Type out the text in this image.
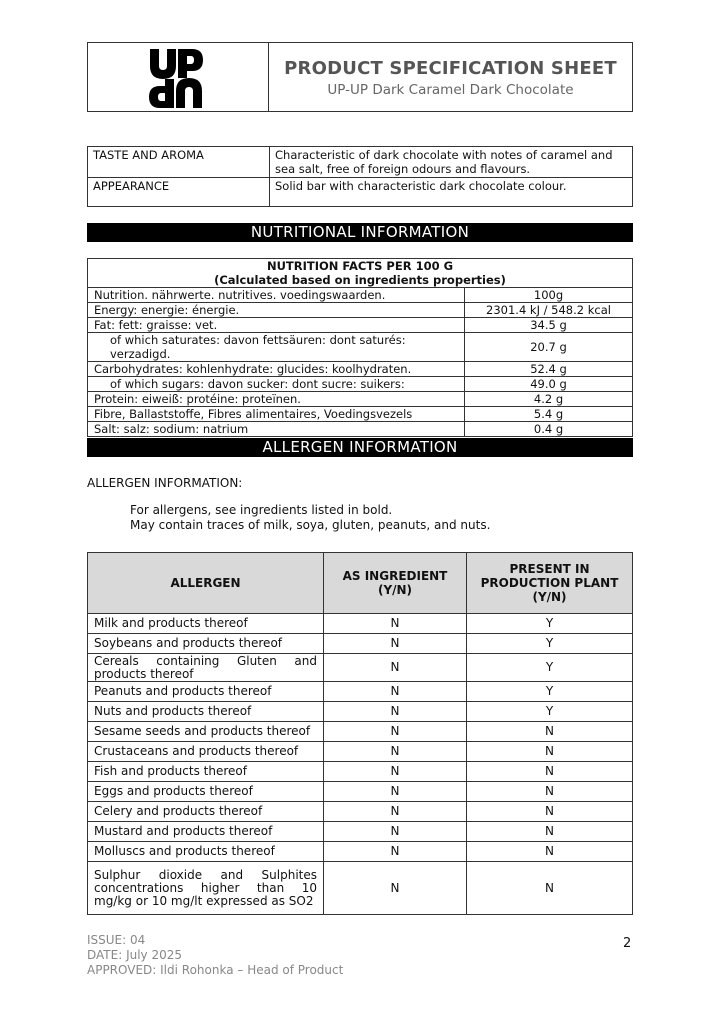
PRODUCT SPECIFICATION SHEET
UP-UP Dark Caramel Dark Chocolate
TASTE AND AROMA	Characteristic of dark chocolate with notes of caramel and sea salt, free of foreign odours and flavours.
APPEARANCE	Solid bar with characteristic dark chocolate colour.
NUTRITIONAL INFORMATION
NUTRITION FACTS PER 100 G
(Calculated based on ingredients properties)	

Nutrition. nährwerte. nutritives. voedingswaarden.	100g
Energy: energie: énergie.	2301.4 kJ / 548.2 kcal
Fat: fett: graisse: vet.	34.5 g
of which saturates: davon fettsäuren: dont saturés: verzadigd.	20.7 g
Carbohydrates: kohlenhydrate: glucides: koolhydraten.	52.4 g
of which sugars: davon sucker: dont sucre: suikers:	49.0 g
Protein: eiweiß: protéine: proteïnen.	4.2 g
Fibre, Ballaststoffe, Fibres alimentaires, Voedingsvezels	5.4 g
Salt: salz: sodium: natrium	0.4 g
ALLERGEN INFORMATION
ALLERGEN INFORMATION:
For allergens, see ingredients listed in bold.
May contain traces of milk, soya, gluten, peanuts, and nuts.
ALLERGEN	AS INGREDIENT (Y/N)	PRESENT IN PRODUCTION PLANT (Y/N)
Milk and products thereof	N	Y
Soybeans and products thereof	N	Y
Cereals containing Gluten and products thereof	N	Y
Peanuts and products thereof	N	Y
Nuts and products thereof	N	Y
Sesame seeds and products thereof	N	N
Crustaceans and products thereof	N	N
Fish and products thereof	N	N
Eggs and products thereof	N	N
Celery and products thereof	N	N
Mustard and products thereof	N	N
Molluscs and products thereof	N	N
Sulphur dioxide and Sulphites concentrations higher than 10 mg/kg or 10 mg/lt expressed as SO2	N	N
ISSUE: 04
DATE: July 2025
APPROVED: Ildi Rohonka – Head of Product
2
